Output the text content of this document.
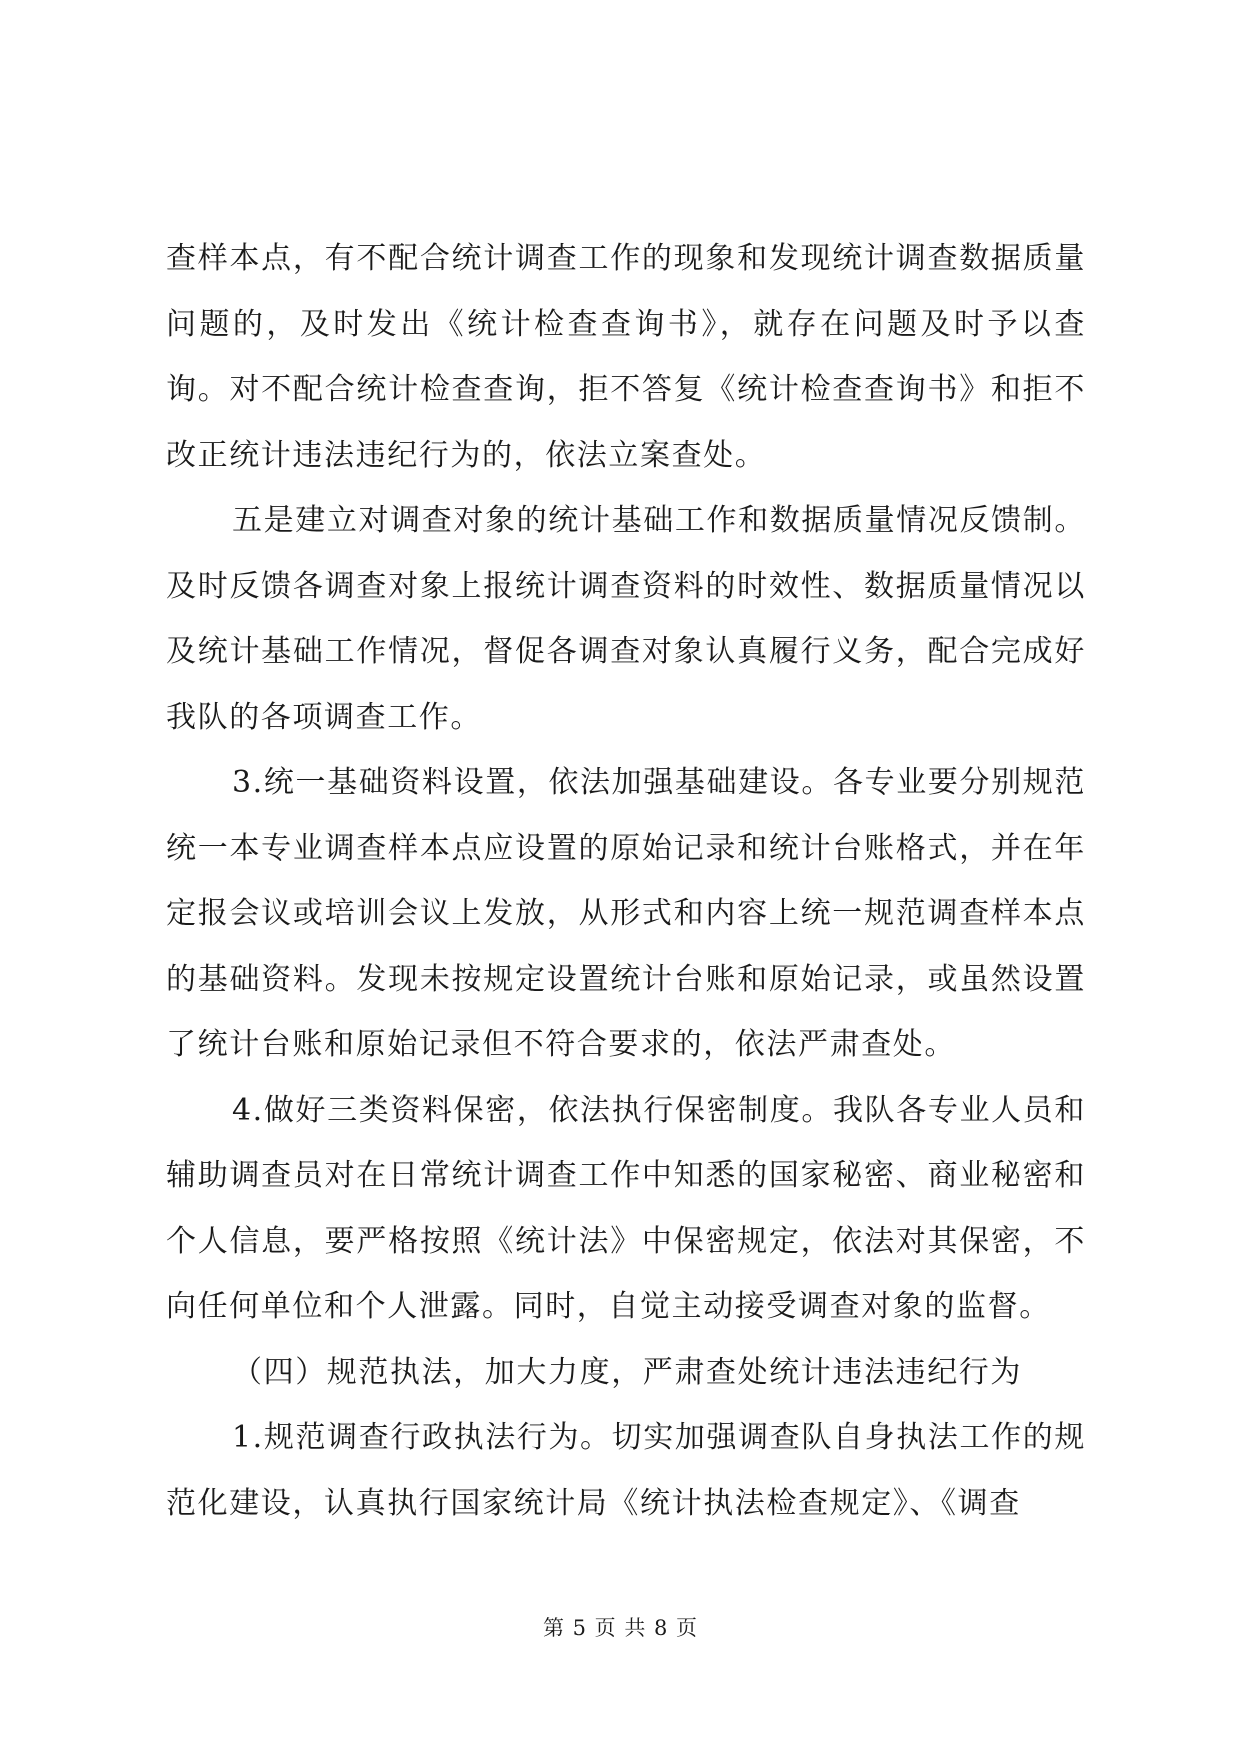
查样本点，有不配合统计调查工作的现象和发现统计调查数据质量问题的，及时发出《统计检查查询书》，就存在问题及时予以查询。对不配合统计检查查询，拒不答复《统计检查查询书》和拒不改正统计违法违纪行为的，依法立案查处。

五是建立对调查对象的统计基础工作和数据质量情况反馈制。及时反馈各调查对象上报统计调查资料的时效性、数据质量情况以及统计基础工作情况，督促各调查对象认真履行义务，配合完成好我队的各项调查工作。

3.统一基础资料设置，依法加强基础建设。各专业要分别规范统一本专业调查样本点应设置的原始记录和统计台账格式，并在年定报会议或培训会议上发放，从形式和内容上统一规范调查样本点的基础资料。发现未按规定设置统计台账和原始记录，或虽然设置了统计台账和原始记录但不符合要求的，依法严肃查处。

4.做好三类资料保密，依法执行保密制度。我队各专业人员和辅助调查员对在日常统计调查工作中知悉的国家秘密、商业秘密和个人信息，要严格按照《统计法》中保密规定，依法对其保密，不向任何单位和个人泄露。同时，自觉主动接受调查对象的监督。

（四）规范执法，加大力度，严肃查处统计违法违纪行为

1.规范调查行政执法行为。切实加强调查队自身执法工作的规范化建设，认真执行国家统计局《统计执法检查规定》、《调查

第 5 页 共 8 页
